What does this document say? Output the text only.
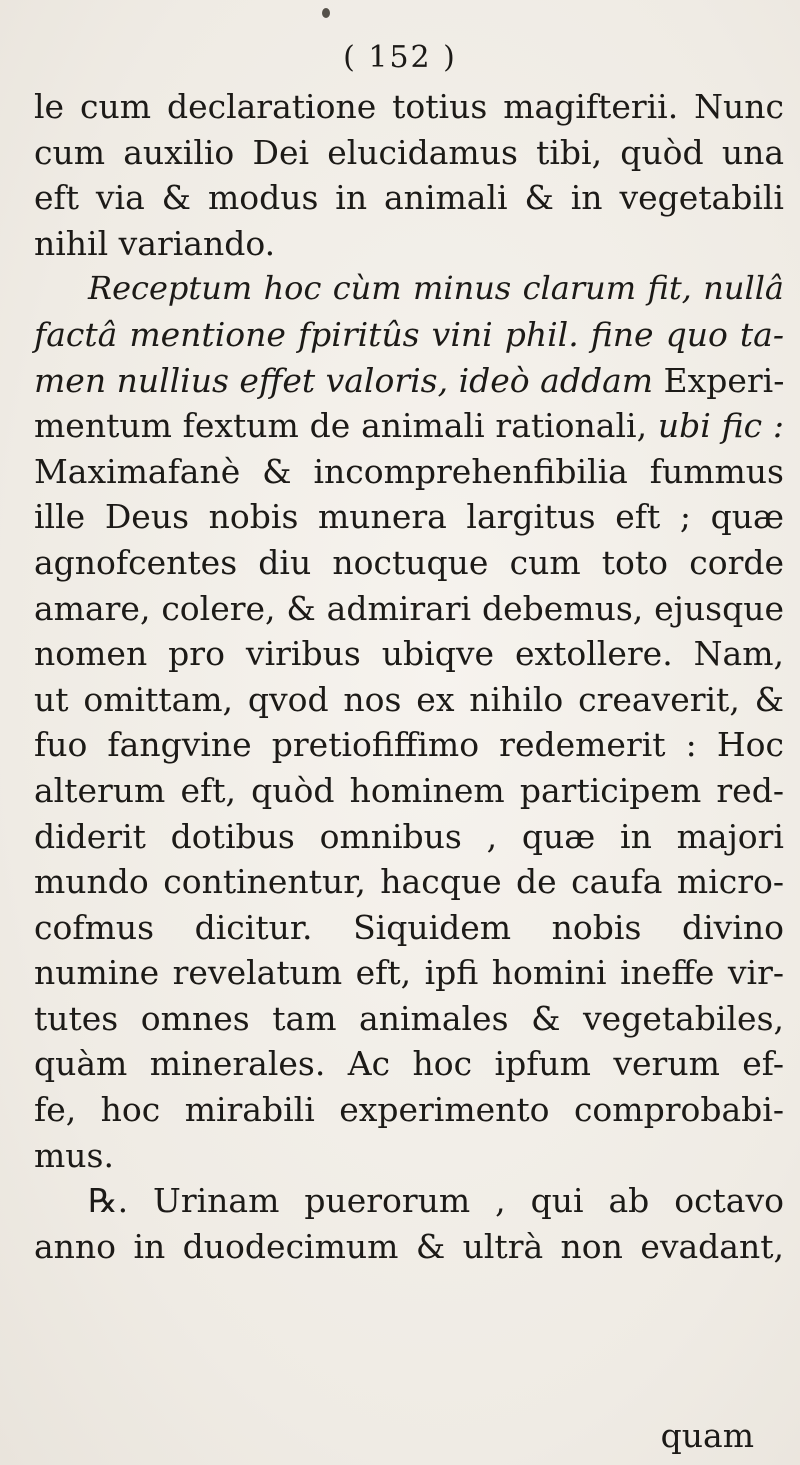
( 152 )
le cum declaratione totius magifterii. Nunc
cum auxilio Dei elucidamus tibi, quòd una
eft via & modus in animali & in vegetabili
nihil variando.
Receptum hoc cùm minus clarum fit, nullâ
factâ mentione fpiritûs vini phil. fine quo ta-
men nullius effet valoris, ideò addam Experi-
mentum fextum de animali rationali, ubi fic :
Maximafanè & incomprehenfibilia fummus
ille Deus nobis munera largitus eft ; quæ
agnofcentes diu noctuque cum toto corde
amare, colere, & admirari debemus, ejusque
nomen pro viribus ubiqve extollere. Nam,
ut omittam, qvod nos ex nihilo creaverit, &
fuo fangvine pretiofiffimo redemerit : Hoc
alterum eft, quòd hominem participem red-
diderit dotibus omnibus , quæ in majori
mundo continentur, hacque de caufa micro-
cofmus dicitur. Siquidem nobis divino
numine revelatum eft, ipfi homini ineffe vir-
tutes omnes tam animales & vegetabiles,
quàm minerales. Ac hoc ipfum verum ef-
fe, hoc mirabili experimento comprobabi-
mus.
℞. Urinam puerorum , qui ab octavo
anno in duodecimum & ultrà non evadant,
quam
